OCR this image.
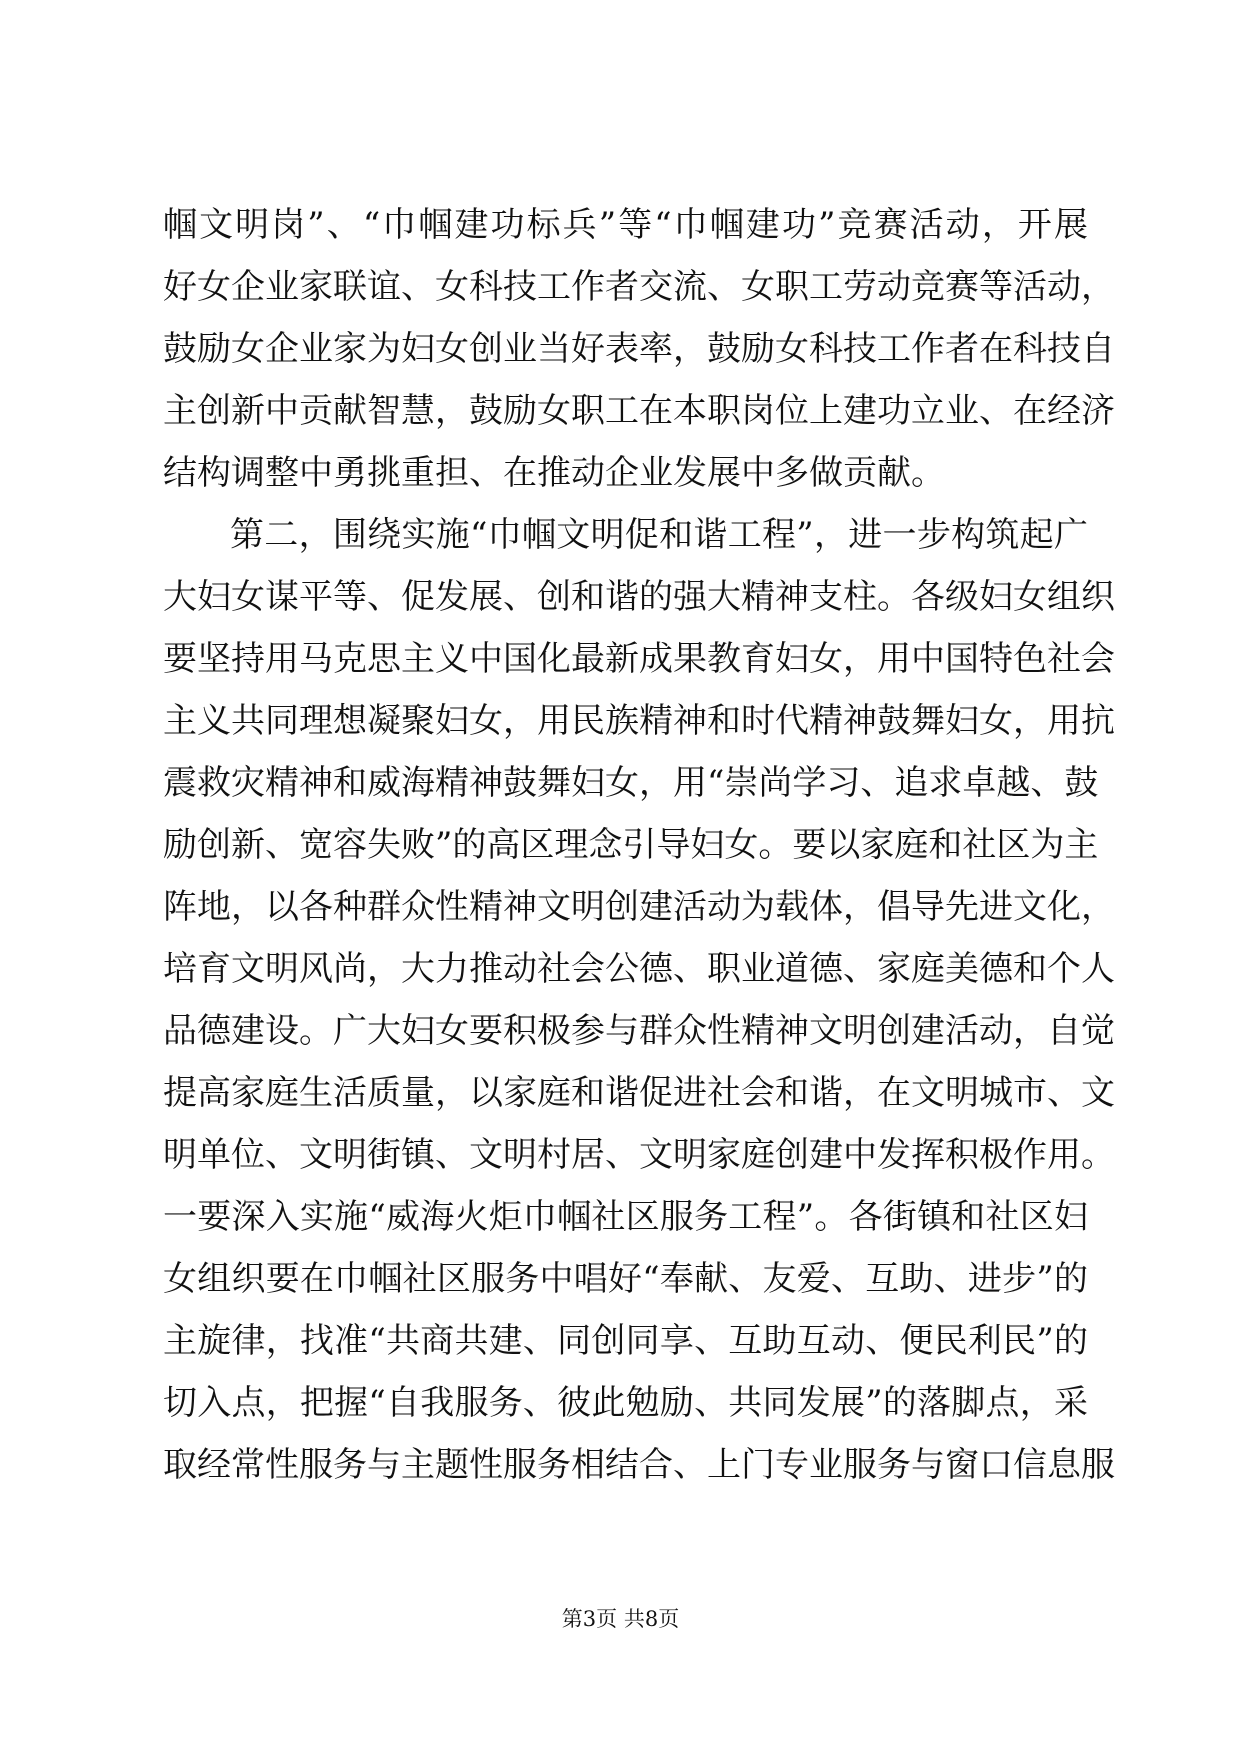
帼文明岗”、“巾帼建功标兵”等“巾帼建功”竞赛活动，开展
好女企业家联谊、女科技工作者交流、女职工劳动竞赛等活动，
鼓励女企业家为妇女创业当好表率，鼓励女科技工作者在科技自
主创新中贡献智慧，鼓励女职工在本职岗位上建功立业、在经济
结构调整中勇挑重担、在推动企业发展中多做贡献。
第二，围绕实施“巾帼文明促和谐工程”，进一步构筑起广
大妇女谋平等、促发展、创和谐的强大精神支柱。各级妇女组织
要坚持用马克思主义中国化最新成果教育妇女，用中国特色社会
主义共同理想凝聚妇女，用民族精神和时代精神鼓舞妇女，用抗
震救灾精神和威海精神鼓舞妇女，用“崇尚学习、追求卓越、鼓
励创新、宽容失败”的高区理念引导妇女。要以家庭和社区为主
阵地，以各种群众性精神文明创建活动为载体，倡导先进文化，
培育文明风尚，大力推动社会公德、职业道德、家庭美德和个人
品德建设。广大妇女要积极参与群众性精神文明创建活动，自觉
提高家庭生活质量，以家庭和谐促进社会和谐，在文明城市、文
明单位、文明街镇、文明村居、文明家庭创建中发挥积极作用。
一要深入实施“威海火炬巾帼社区服务工程”。各街镇和社区妇
女组织要在巾帼社区服务中唱好“奉献、友爱、互助、进步”的
主旋律，找准“共商共建、同创同享、互助互动、便民利民”的
切入点，把握“自我服务、彼此勉励、共同发展”的落脚点，采
取经常性服务与主题性服务相结合、上门专业服务与窗口信息服
第3页 共8页
